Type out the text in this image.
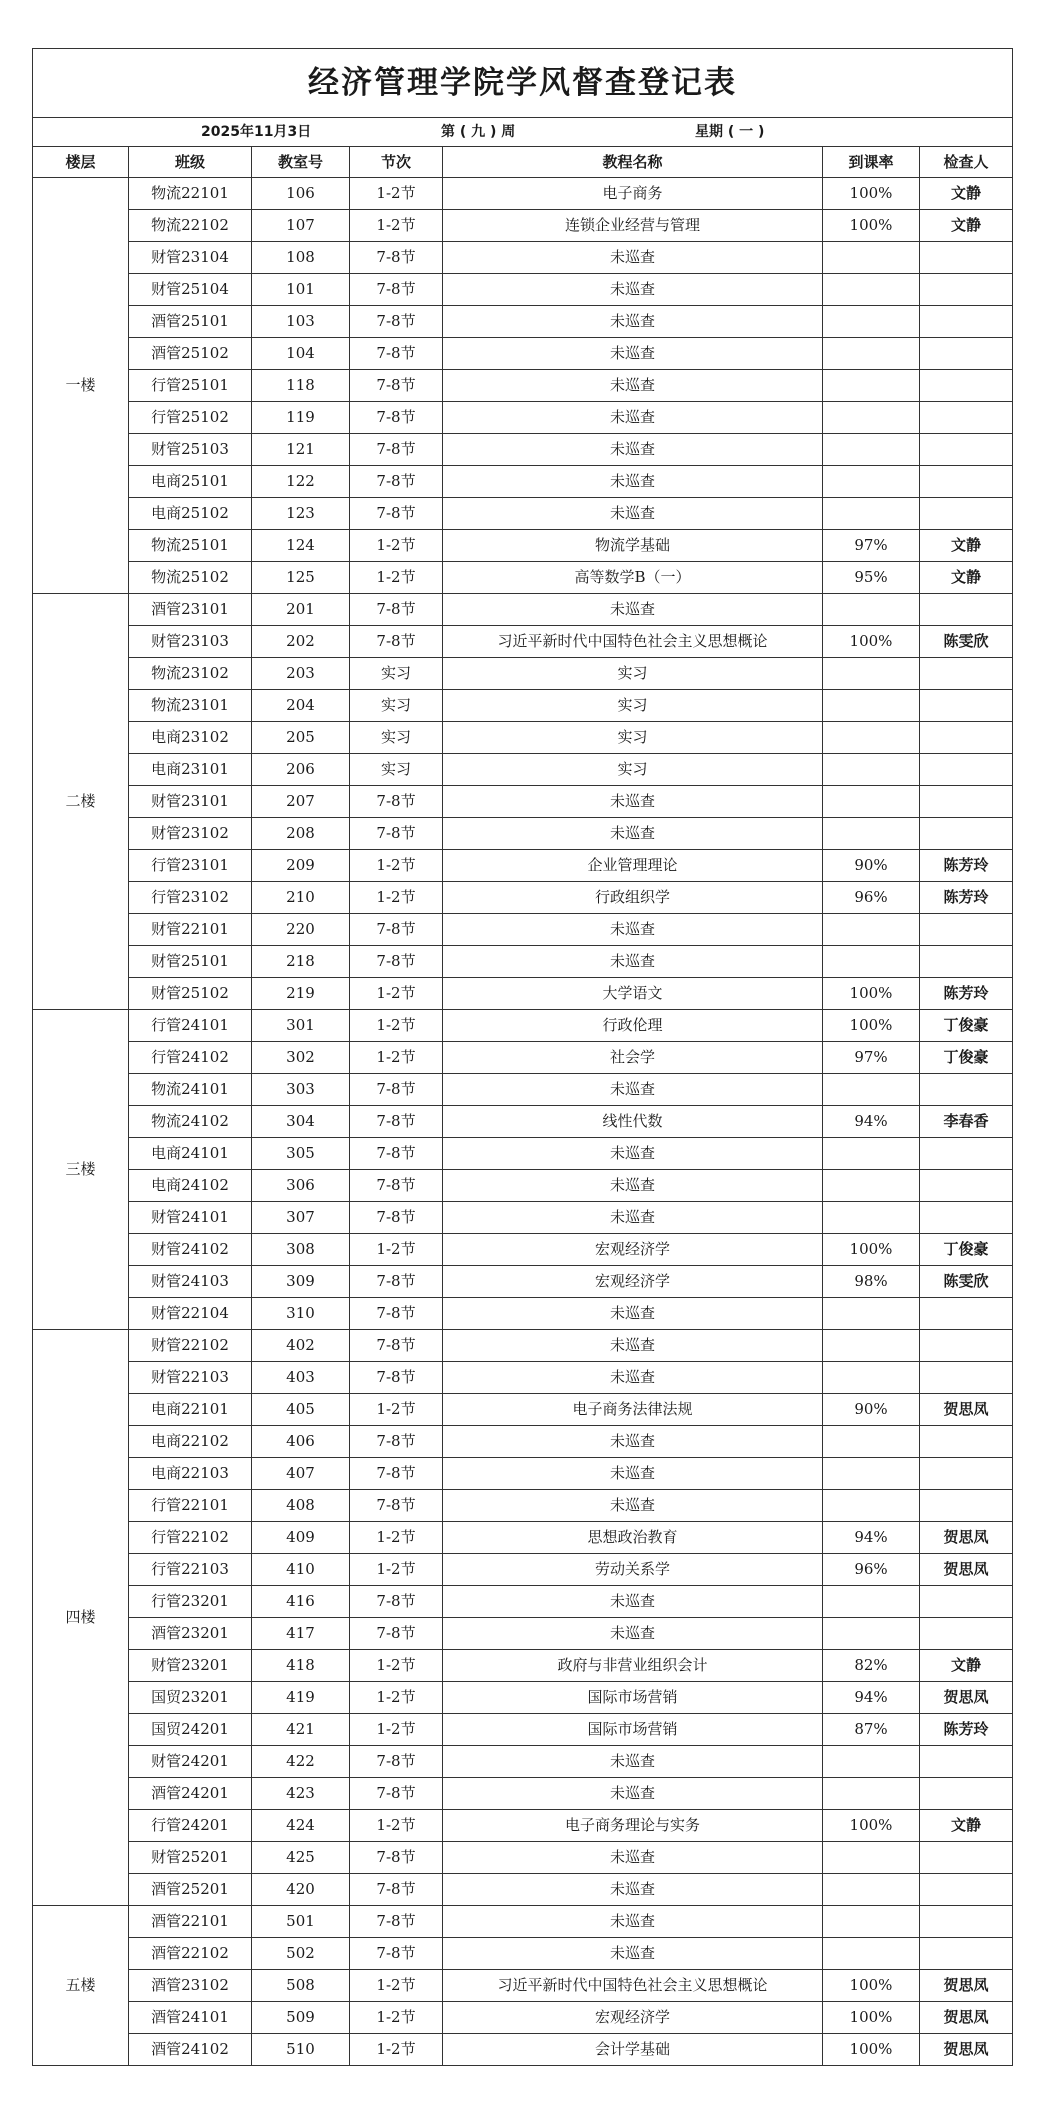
经济管理学院学风督查登记表						

2025年11月3日 第 ( 九 ) 周 星期 ( 一 )						

楼层	班级	教室号	节次	教程名称	到课率	检查人
一楼	物流22101	106	1-2节	电子商务	100%	文静
	物流22102	107	1-2节	连锁企业经营与管理	100%	文静
	财管23104	108	7-8节	未巡查		
	财管25104	101	7-8节	未巡查		
	酒管25101	103	7-8节	未巡查		
	酒管25102	104	7-8节	未巡查		
	行管25101	118	7-8节	未巡查		
	行管25102	119	7-8节	未巡查		
	财管25103	121	7-8节	未巡查		
	电商25101	122	7-8节	未巡查		
	电商25102	123	7-8节	未巡查		
	物流25101	124	1-2节	物流学基础	97%	文静
	物流25102	125	1-2节	高等数学B（一）	95%	文静
二楼	酒管23101	201	7-8节	未巡查		
	财管23103	202	7-8节	习近平新时代中国特色社会主义思想概论	100%	陈雯欣
	物流23102	203	实习	实习		
	物流23101	204	实习	实习		
	电商23102	205	实习	实习		
	电商23101	206	实习	实习		
	财管23101	207	7-8节	未巡查		
	财管23102	208	7-8节	未巡查		
	行管23101	209	1-2节	企业管理理论	90%	陈芳玲
	行管23102	210	1-2节	行政组织学	96%	陈芳玲
	财管22101	220	7-8节	未巡查		
	财管25101	218	7-8节	未巡查		
	财管25102	219	1-2节	大学语文	100%	陈芳玲
三楼	行管24101	301	1-2节	行政伦理	100%	丁俊豪
	行管24102	302	1-2节	社会学	97%	丁俊豪
	物流24101	303	7-8节	未巡查		
	物流24102	304	7-8节	线性代数	94%	李春香
	电商24101	305	7-8节	未巡查		
	电商24102	306	7-8节	未巡查		
	财管24101	307	7-8节	未巡查		
	财管24102	308	1-2节	宏观经济学	100%	丁俊豪
	财管24103	309	7-8节	宏观经济学	98%	陈雯欣
	财管22104	310	7-8节	未巡查		
四楼	财管22102	402	7-8节	未巡查		
	财管22103	403	7-8节	未巡查		
	电商22101	405	1-2节	电子商务法律法规	90%	贺思凤
	电商22102	406	7-8节	未巡查		
	电商22103	407	7-8节	未巡查		
	行管22101	408	7-8节	未巡查		
	行管22102	409	1-2节	思想政治教育	94%	贺思凤
	行管22103	410	1-2节	劳动关系学	96%	贺思凤
	行管23201	416	7-8节	未巡查		
	酒管23201	417	7-8节	未巡查		
	财管23201	418	1-2节	政府与非营业组织会计	82%	文静
	国贸23201	419	1-2节	国际市场营销	94%	贺思凤
	国贸24201	421	1-2节	国际市场营销	87%	陈芳玲
	财管24201	422	7-8节	未巡查		
	酒管24201	423	7-8节	未巡查		
	行管24201	424	1-2节	电子商务理论与实务	100%	文静
	财管25201	425	7-8节	未巡查		
	酒管25201	420	7-8节	未巡查		
五楼	酒管22101	501	7-8节	未巡查		
	酒管22102	502	7-8节	未巡查		
	酒管23102	508	1-2节	习近平新时代中国特色社会主义思想概论	100%	贺思凤
	酒管24101	509	1-2节	宏观经济学	100%	贺思凤
	酒管24102	510	1-2节	会计学基础	100%	贺思凤
